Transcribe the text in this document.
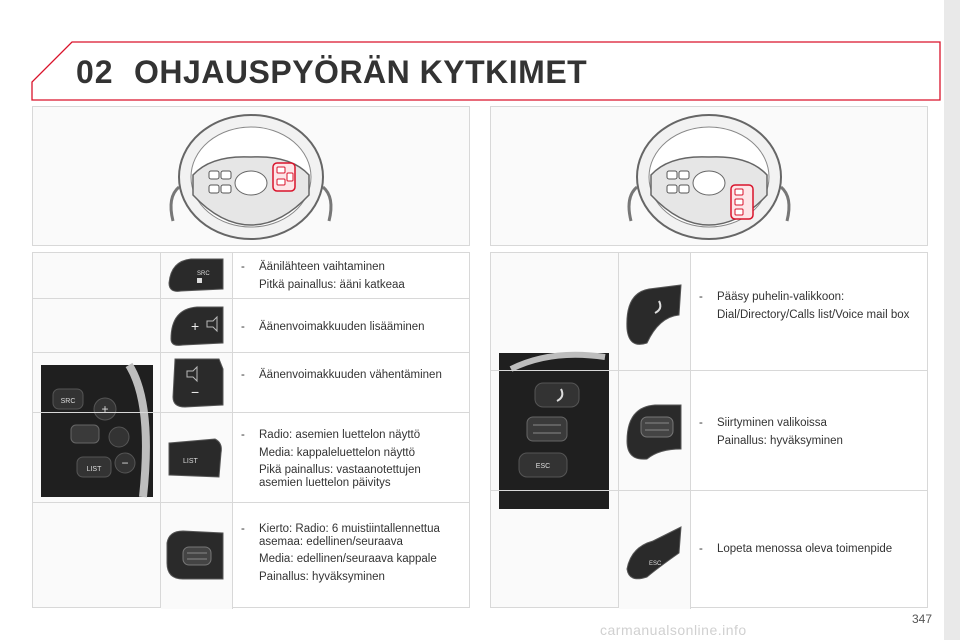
02 OHJAUSPYÖRÄN KYTKIMET
SRC
+
LIST −
SRC
- Äänilähteen vaihtaminen
Pitkä painallus: ääni katkeaa
+	- Äänenvoimakkuuden lisääminen
−
- Äänenvoimakkuuden vähentäminen
LIST
- Radio: asemien luettelon näyttö
Media: kappaleluettelon näyttö
Pikä painallus: vastaanotettujen asemien luettelon päivitys
- Kierto: Radio: 6 muistiintallennettua asemaa: edellinen/seuraava
Media: edellinen/seuraava kappale
Painallus: hyväksyminen
ESC
- Pääsy puhelin-valikkoon:
Dial/Directory/Calls list/Voice mail box
- Siirtyminen valikoissa
Painallus: hyväksyminen
ESC
- Lopeta menossa oleva toimenpide
347
carmanualsonline.info
